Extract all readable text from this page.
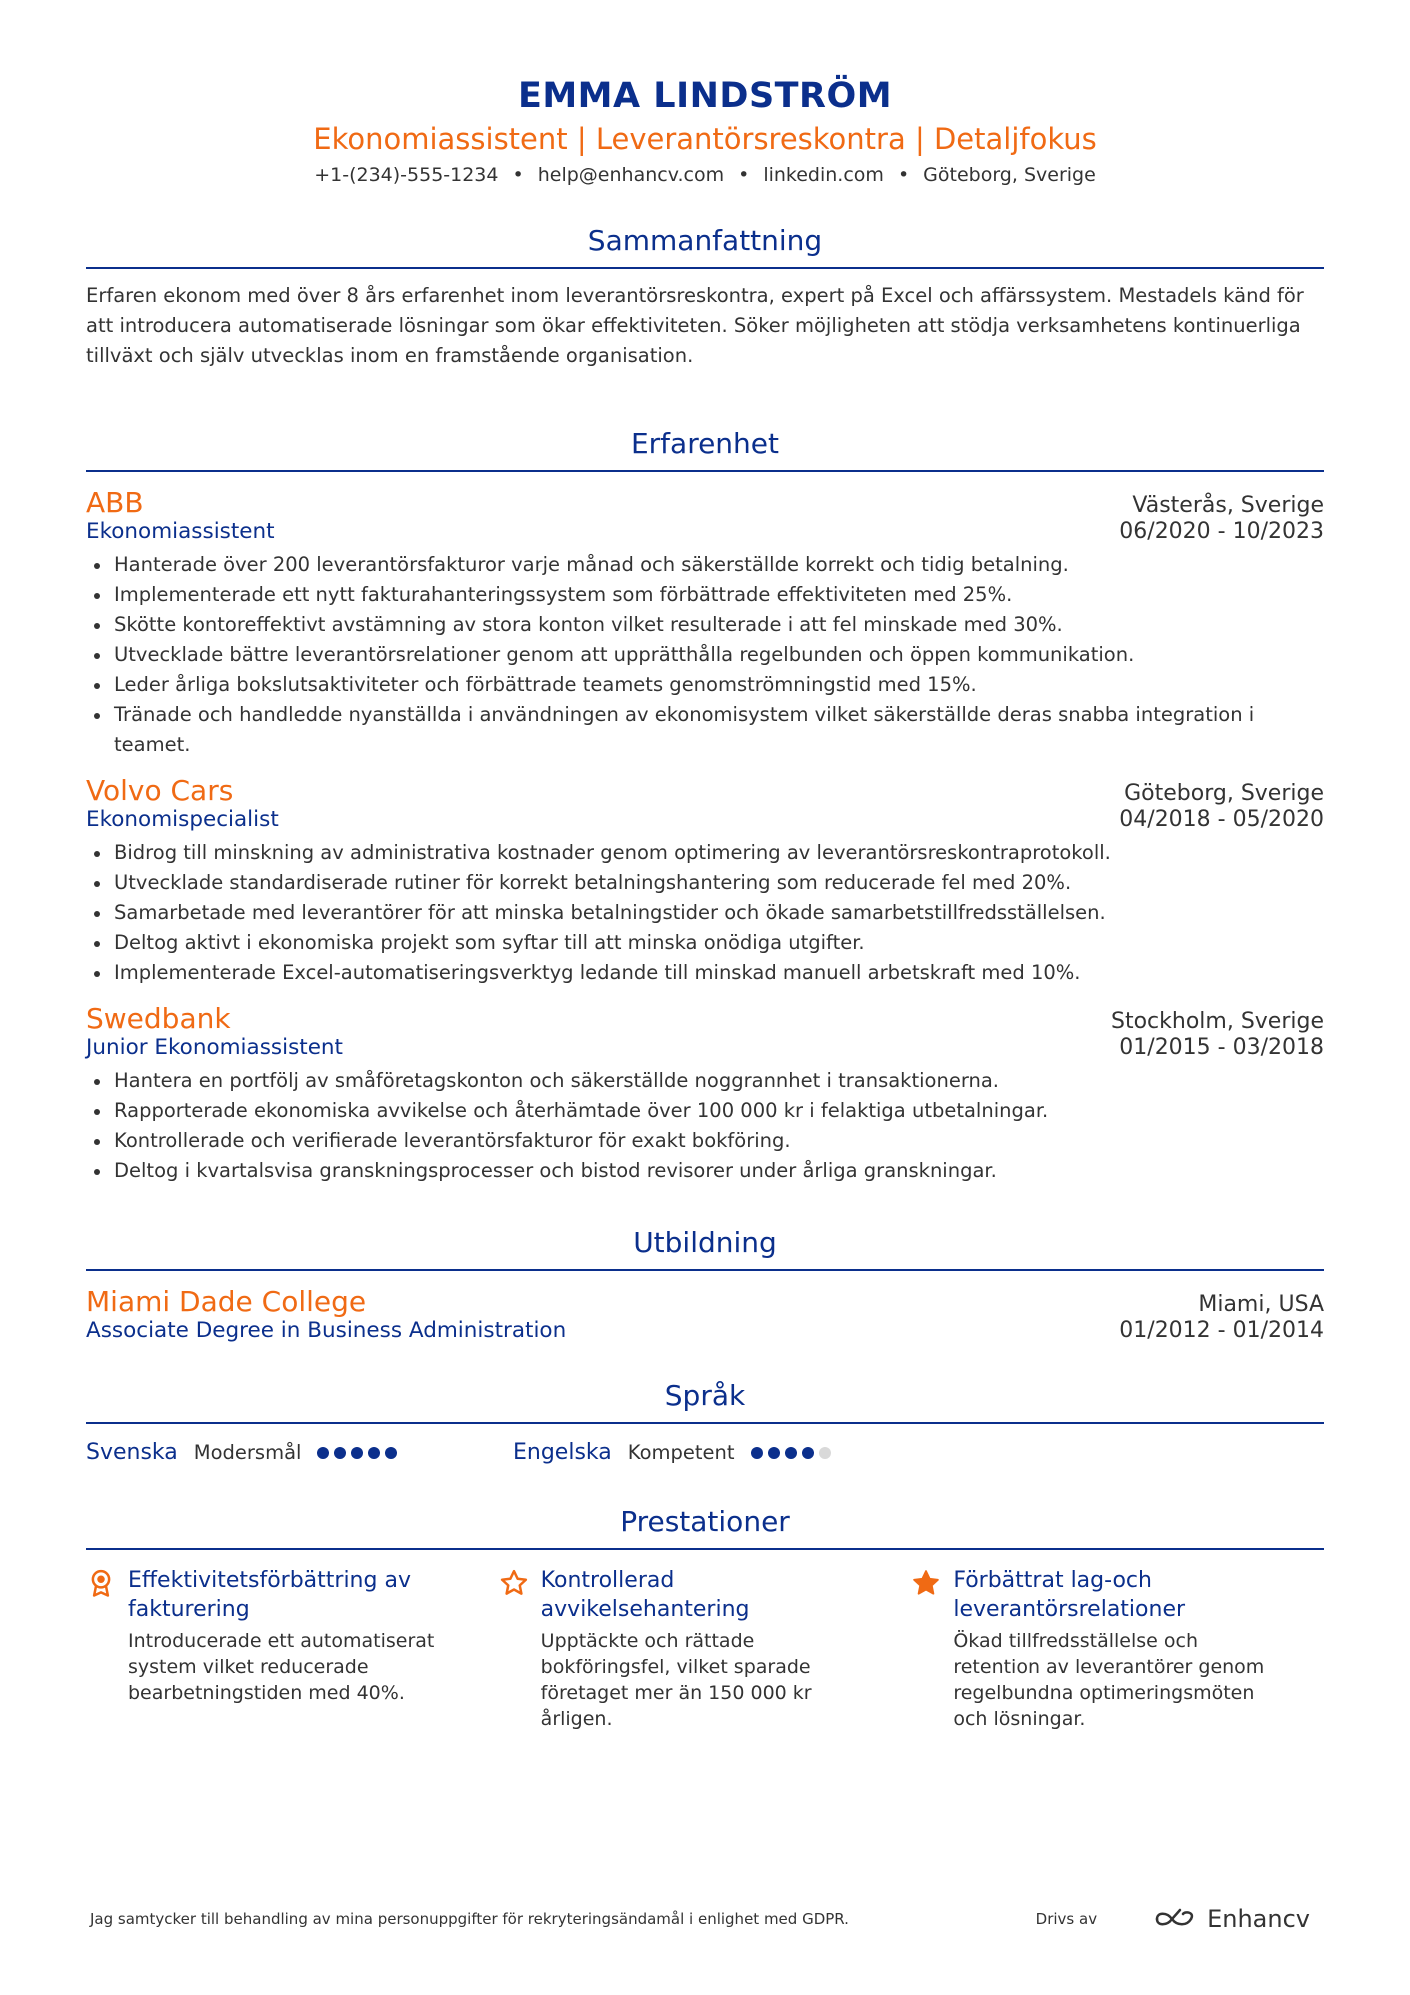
EMMA LINDSTRÖM
Ekonomiassistent | Leverantörsreskontra | Detaljfokus
+1-(234)-555-1234 • help@enhancv.com • linkedin.com • Göteborg, Sverige
Sammanfattning

Erfaren ekonom med över 8 års erfarenhet inom leverantörsreskontra, expert på Excel och affärssystem. Mestadels känd för att introducera automatiserade lösningar som ökar effektiviteten. Söker möjligheten att stödja verksamhetens kontinuerliga tillväxt och själv utvecklas inom en framstående organisation.

Erfarenhet
ABB	Västerås, Sverige
Ekonomiassistent	06/2020 - 10/2023
Hanterade över 200 leverantörsfakturor varje månad och säkerställde korrekt och tidig betalning.
Implementerade ett nytt fakturahanteringssystem som förbättrade effektiviteten med 25%.
Skötte kontoreffektivt avstämning av stora konton vilket resulterade i att fel minskade med 30%.
Utvecklade bättre leverantörsrelationer genom att upprätthålla regelbunden och öppen kommunikation.
Leder årliga bokslutsaktiviteter och förbättrade teamets genomströmningstid med 15%.
Tränade och handledde nyanställda i användningen av ekonomisystem vilket säkerställde deras snabba integration i teamet.
Volvo Cars	Göteborg, Sverige
Ekonomispecialist	04/2018 - 05/2020
Bidrog till minskning av administrativa kostnader genom optimering av leverantörsreskontraprotokoll.
Utvecklade standardiserade rutiner för korrekt betalningshantering som reducerade fel med 20%.
Samarbetade med leverantörer för att minska betalningstider och ökade samarbetstillfredsställelsen.
Deltog aktivt i ekonomiska projekt som syftar till att minska onödiga utgifter.
Implementerade Excel-automatiseringsverktyg ledande till minskad manuell arbetskraft med 10%.
Swedbank	Stockholm, Sverige
Junior Ekonomiassistent	01/2015 - 03/2018
Hantera en portfölj av småföretagskonton och säkerställde noggrannhet i transaktionerna.
Rapporterade ekonomiska avvikelse och återhämtade över 100 000 kr i felaktiga utbetalningar.
Kontrollerade och verifierade leverantörsfakturor för exakt bokföring.
Deltog i kvartalsvisa granskningsprocesser och bistod revisorer under årliga granskningar.
Utbildning
Miami Dade College	Miami, USA
Associate Degree in Business Administration	01/2012 - 01/2014
Språk
Svenska Modersmål	Engelska Kompetent
Prestationer
Effektivitetsförbättring av fakturering
Introducerade ett automatiserat system vilket reducerade bearbetningstiden med 40%.
Kontrollerad avvikelsehantering
Upptäckte och rättade bokföringsfel, vilket sparade företaget mer än 150 000 kr årligen.
Förbättrat lag-och leverantörsrelationer
Ökad tillfredsställelse och retention av leverantörer genom regelbundna optimeringsmöten och lösningar.
Jag samtycker till behandling av mina personuppgifter för rekryteringsändamål i enlighet med GDPR.	Drivs av	Enhancv
